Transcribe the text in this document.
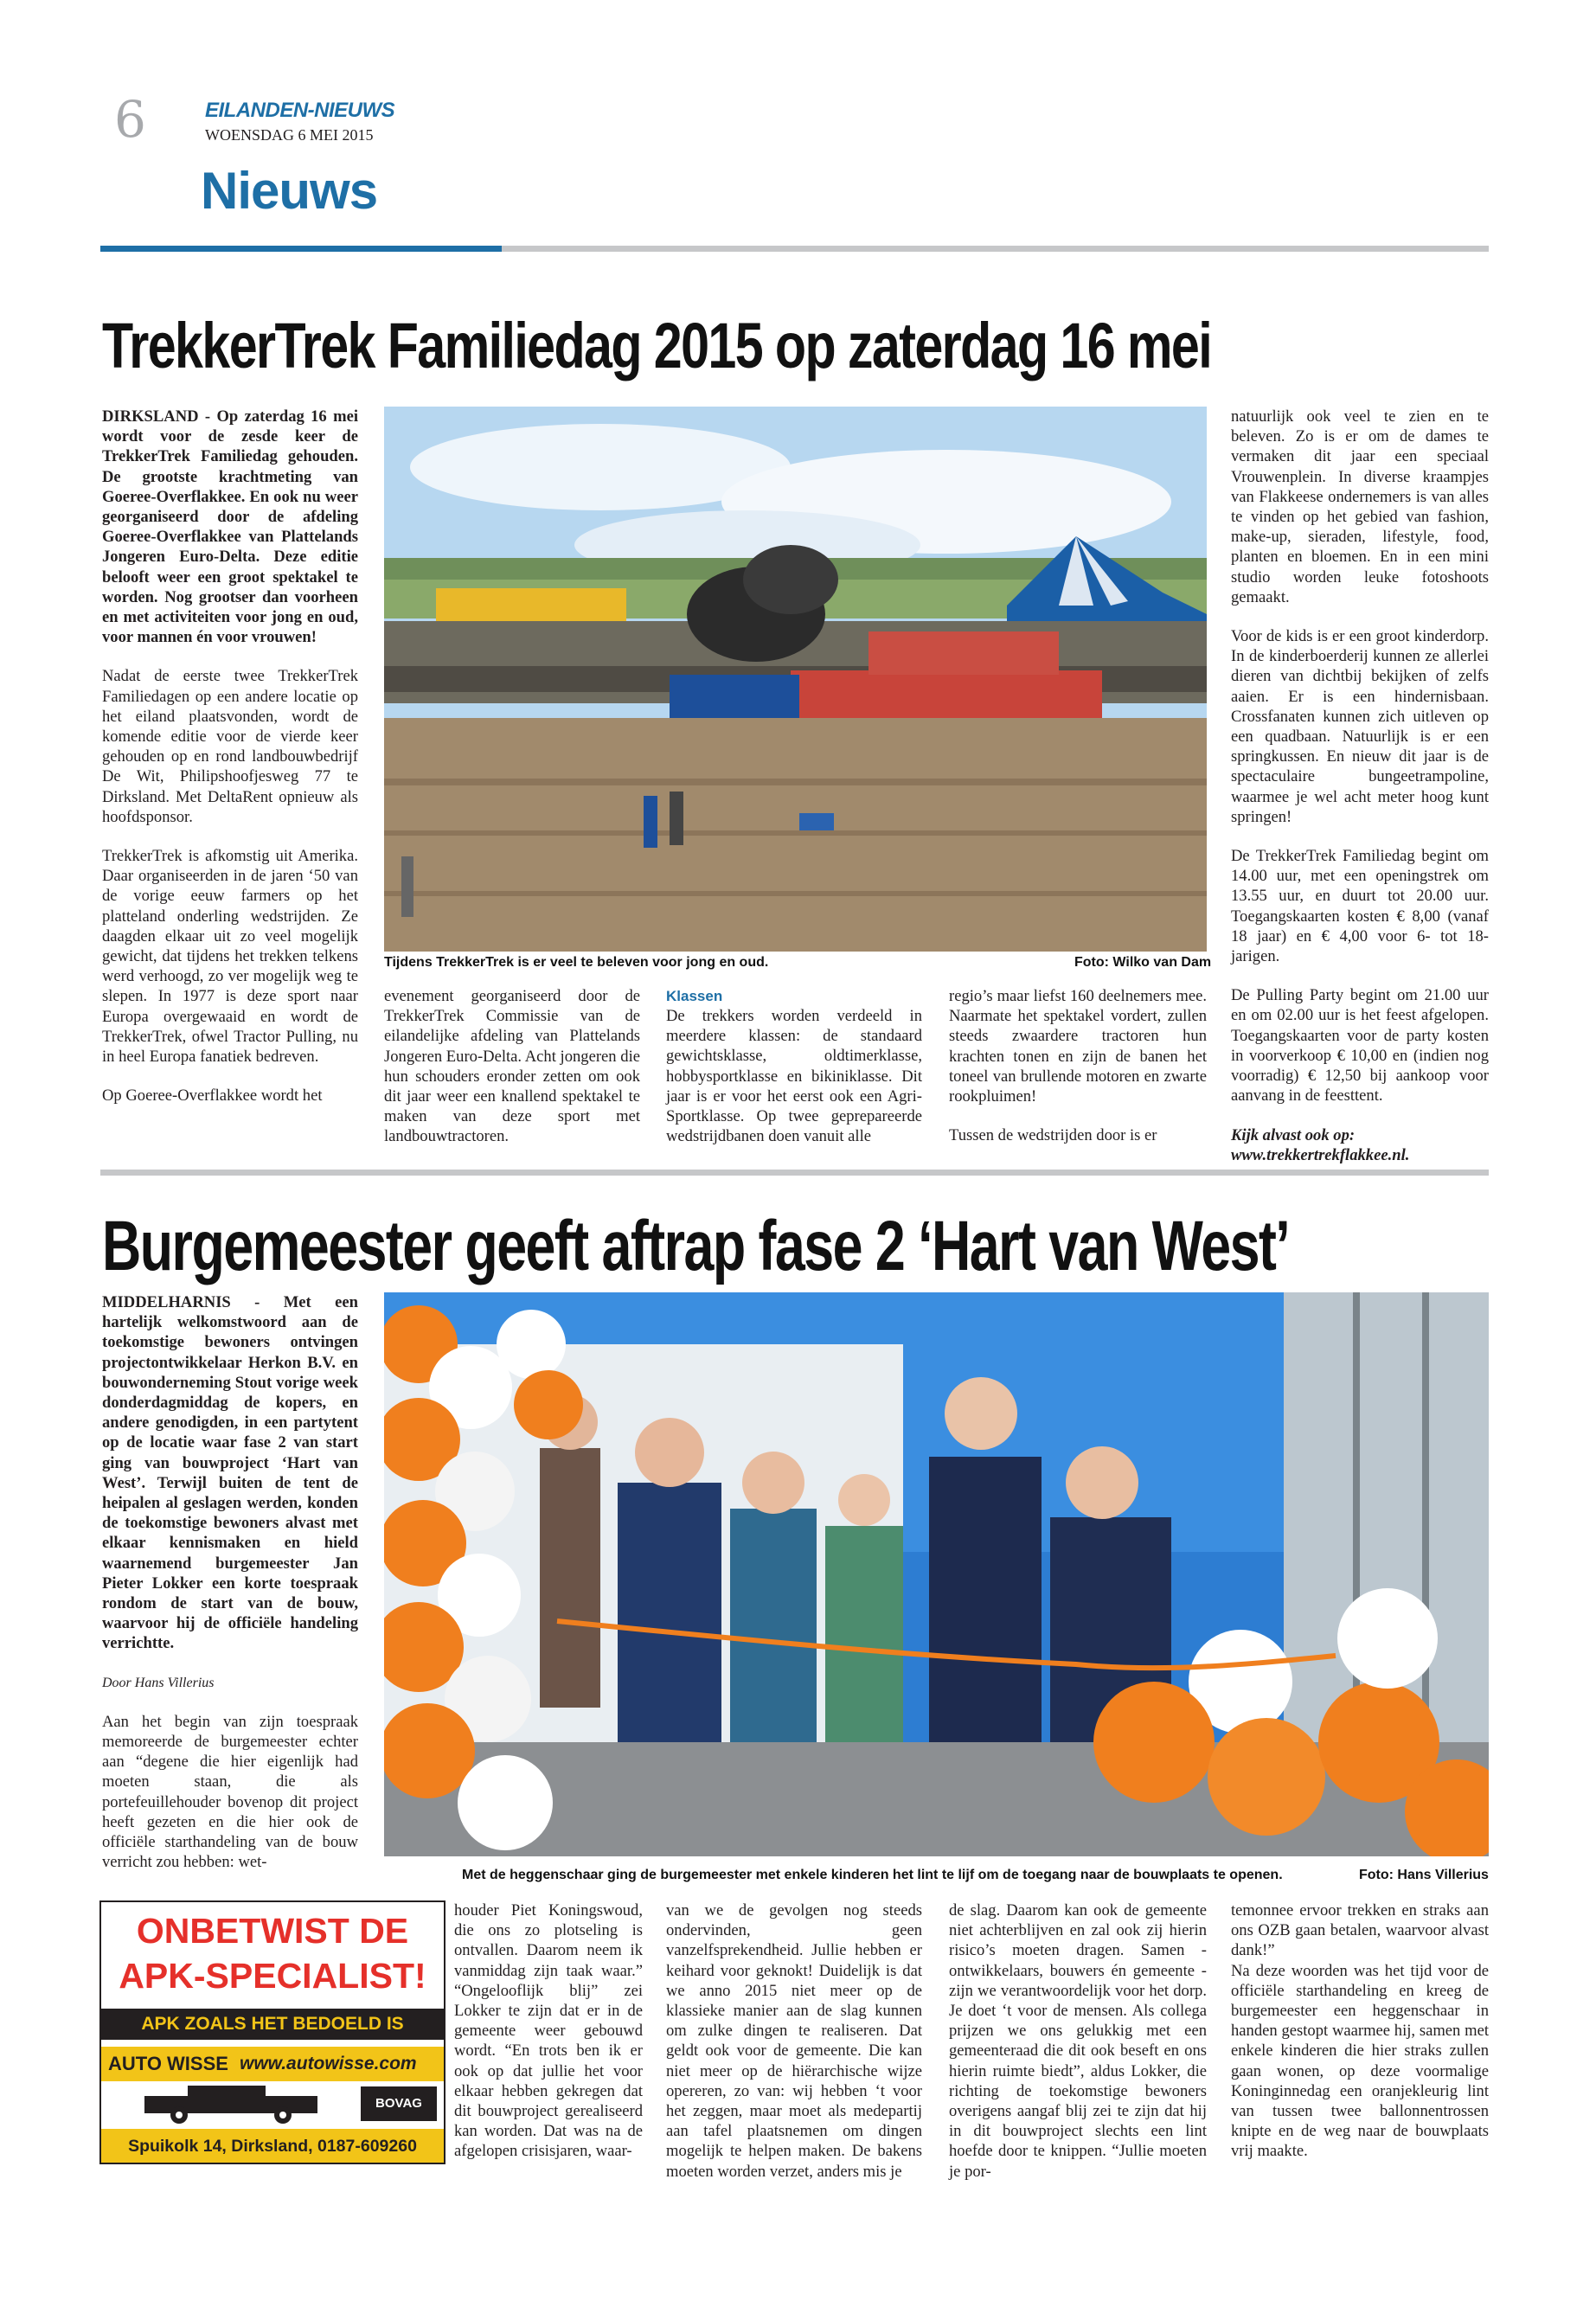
6	EILANDEN-NIEUWS
WOENSDAG 6 MEI 2015
Nieuws
TrekkerTrek Familiedag 2015 op zaterdag 16 mei

DIRKSLAND - Op zaterdag 16 mei wordt voor de zesde keer de TrekkerTrek Familiedag gehouden. De grootste krachtmeting van Goeree-Overflakkee. En ook nu weer georganiseerd door de afdeling Goeree-Overflakkee van Plattelands Jongeren Euro-Delta. Deze editie belooft weer een groot spektakel te worden. Nog grootser dan voorheen en met activiteiten voor jong en oud, voor mannen én voor vrouwen!

Nadat de eerste twee TrekkerTrek Familiedagen op een andere locatie op het eiland plaatsvonden, wordt de komende editie voor de vierde keer gehouden op en rond landbouwbedrijf De Wit, Philipshoofjesweg 77 te Dirksland. Met DeltaRent opnieuw als hoofdsponsor.

TrekkerTrek is afkomstig uit Amerika. Daar organiseerden in de jaren ‘50 van de vorige eeuw farmers op het platteland onderling wedstrijden. Ze daagden elkaar uit zo veel mogelijk gewicht, dat tijdens het trekken telkens werd verhoogd, zo ver mogelijk weg te slepen. In 1977 is deze sport naar Europa overgewaaid en wordt de TrekkerTrek, ofwel Tractor Pulling, nu in heel Europa fanatiek bedreven.

Op Goeree-Overflakkee wordt het

Tijdens TrekkerTrek is er veel te beleven voor jong en oud.	Foto: Wilko van Dam

evenement georganiseerd door de TrekkerTrek Commissie van de eilandelijke afdeling van Plattelands Jongeren Euro-Delta. Acht jongeren die hun schouders eronder zetten om ook dit jaar weer een knallend spektakel te maken van deze sport met landbouwtractoren.

Klassen

De trekkers worden verdeeld in meerdere klassen: de standaard gewichtsklasse, oldtimerklasse, hobbysportklasse en bikiniklasse. Dit jaar is er voor het eerst ook een Agri-Sportklasse. Op twee geprepareerde wedstrijdbanen doen vanuit alle

regio’s maar liefst 160 deelnemers mee. Naarmate het spektakel vordert, zullen steeds zwaardere tractoren hun krachten tonen en zijn de banen het toneel van brullende motoren en zwarte rookpluimen!

Tussen de wedstrijden door is er

natuurlijk ook veel te zien en te beleven. Zo is er om de dames te vermaken dit jaar een speciaal Vrouwenplein. In diverse kraampjes van Flakkeese ondernemers is van alles te vinden op het gebied van fashion, make-up, sieraden, lifestyle, food, planten en bloemen. En in een mini studio worden leuke fotoshoots gemaakt.

Voor de kids is er een groot kinderdorp. In de kinderboerderij kunnen ze allerlei dieren van dichtbij bekijken of zelfs aaien. Er is een hindernisbaan. Crossfanaten kunnen zich uitleven op een quadbaan. Natuurlijk is er een springkussen. En nieuw dit jaar is de spectaculaire bungeetrampoline, waarmee je wel acht meter hoog kunt springen!

De TrekkerTrek Familiedag begint om 14.00 uur, met een openingstrek om 13.55 uur, en duurt tot 20.00 uur. Toegangskaarten kosten € 8,00 (vanaf 18 jaar) en € 4,00 voor 6- tot 18-jarigen.

De Pulling Party begint om 21.00 uur en om 02.00 uur is het feest afgelopen. Toegangskaarten voor de party kosten in voorverkoop € 10,00 en (indien nog voorradig) € 12,50 bij aankoop voor aanvang in de feesttent.

Kijk alvast ook op:
www.trekkertrekflakkee.nl.
Burgemeester geeft aftrap fase 2 ‘Hart van West’

MIDDELHARNIS - Met een hartelijk welkomstwoord aan de toekomstige bewoners ontvingen projectontwikkelaar Herkon B.V. en bouwonderneming Stout vorige week donderdagmiddag de kopers, en andere genodigden, in een partytent op de locatie waar fase 2 van start ging van bouwproject ‘Hart van West’. Terwijl buiten de tent de heipalen al geslagen werden, konden de toekomstige bewoners alvast met elkaar kennismaken en hield waarnemend burgemeester Jan Pieter Lokker een korte toespraak rondom de start van de bouw, waarvoor hij de officiële handeling verrichtte.

Door Hans Villerius

Aan het begin van zijn toespraak memoreerde de burgemeester echter aan “degene die hier eigenlijk had moeten staan, die als portefeuillehouder bovenop dit project heeft gezeten en die hier ook de officiële starthandeling van de bouw verricht zou hebben: wet-

Met de heggenschaar ging de burgemeester met enkele kinderen het lint te lijf om de toegang naar de bouwplaats te openen.	Foto: Hans Villerius
ONBETWIST DE
APK-SPECIALIST!
APK ZOALS HET BEDOELD IS
AUTO WISSE www.autowisse.com
BOVAG
Spuikolk 14, Dirksland, 0187-609260

houder Piet Koningswoud, die ons zo plotseling is ontvallen. Daarom neem ik vanmiddag zijn taak waar.” “Ongelooflijk blij” zei Lokker te zijn dat er in de gemeente weer gebouwd wordt. “En trots ben ik er ook op dat jullie het voor elkaar hebben gekregen dat dit bouwproject gerealiseerd kan worden. Dat was na de afgelopen crisisjaren, waar-

van we de gevolgen nog steeds ondervinden, geen vanzelfsprekendheid. Jullie hebben er keihard voor geknokt! Duidelijk is dat we anno 2015 niet meer op de klassieke manier aan de slag kunnen om zulke dingen te realiseren. Dat geldt ook voor de gemeente. Die kan niet meer op de hiërarchische wijze opereren, zo van: wij hebben ‘t voor het zeggen, maar moet als medepartij aan tafel plaatsnemen om dingen mogelijk te helpen maken. De bakens moeten worden verzet, anders mis je

de slag. Daarom kan ook de gemeente niet achterblijven en zal ook zij hierin risico’s moeten dragen. Samen - ontwikkelaars, bouwers én gemeente - zijn we verantwoordelijk voor het dorp. Je doet ‘t voor de mensen. Als collega prijzen we ons gelukkig met een gemeenteraad die dit ook beseft en ons hierin ruimte biedt”, aldus Lokker, die richting de toekomstige bewoners overigens aangaf blij zei te zijn dat hij in dit bouwproject slechts een lint hoefde door te knippen. “Jullie moeten je por-

temonnee ervoor trekken en straks aan ons OZB gaan betalen, waarvoor alvast dank!”

Na deze woorden was het tijd voor de officiële starthandeling en kreeg de burgemeester een heggenschaar in handen gestopt waarmee hij, samen met enkele kinderen die hier straks zullen gaan wonen, op deze voormalige Koninginnedag een oranjekleurig lint van tussen twee ballonnentrossen knipte en de weg naar de bouwplaats vrij maakte.
